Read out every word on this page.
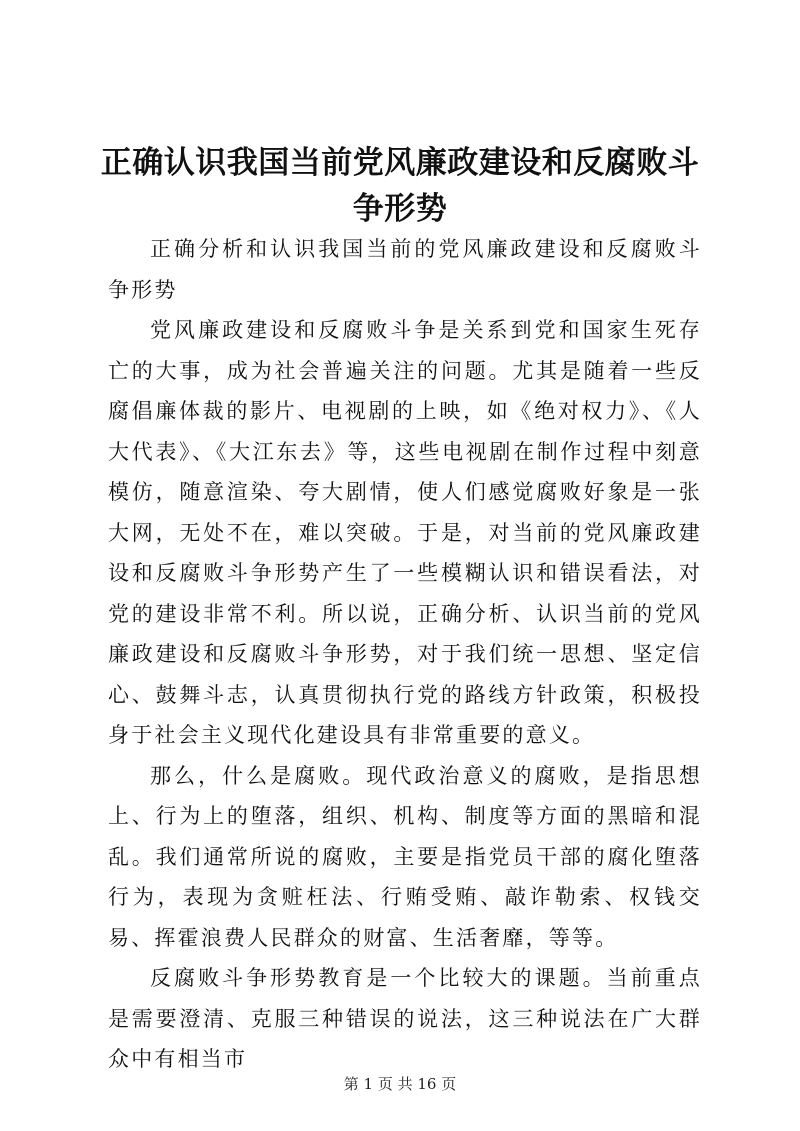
正确认识我国当前党风廉政建设和反腐败斗争形势

正确分析和认识我国当前的党风廉政建设和反腐败斗争形势

党风廉政建设和反腐败斗争是关系到党和国家生死存亡的大事，成为社会普遍关注的问题。尤其是随着一些反腐倡廉体裁的影片、电视剧的上映，如《绝对权力》、《人大代表》、《大江东去》等，这些电视剧在制作过程中刻意模仿，随意渲染、夸大剧情，使人们感觉腐败好象是一张大网，无处不在，难以突破。于是，对当前的党风廉政建设和反腐败斗争形势产生了一些模糊认识和错误看法，对党的建设非常不利。所以说，正确分析、认识当前的党风廉政建设和反腐败斗争形势，对于我们统一思想、坚定信心、鼓舞斗志，认真贯彻执行党的路线方针政策，积极投身于社会主义现代化建设具有非常重要的意义。

那么，什么是腐败。现代政治意义的腐败，是指思想上、行为上的堕落，组织、机构、制度等方面的黑暗和混乱。我们通常所说的腐败，主要是指党员干部的腐化堕落行为，表现为贪赃枉法、行贿受贿、敲诈勒索、权钱交易、挥霍浪费人民群众的财富、生活奢靡，等等。

反腐败斗争形势教育是一个比较大的课题。当前重点是需要澄清、克服三种错误的说法，这三种说法在广大群众中有相当市

第 1 页 共 16 页
